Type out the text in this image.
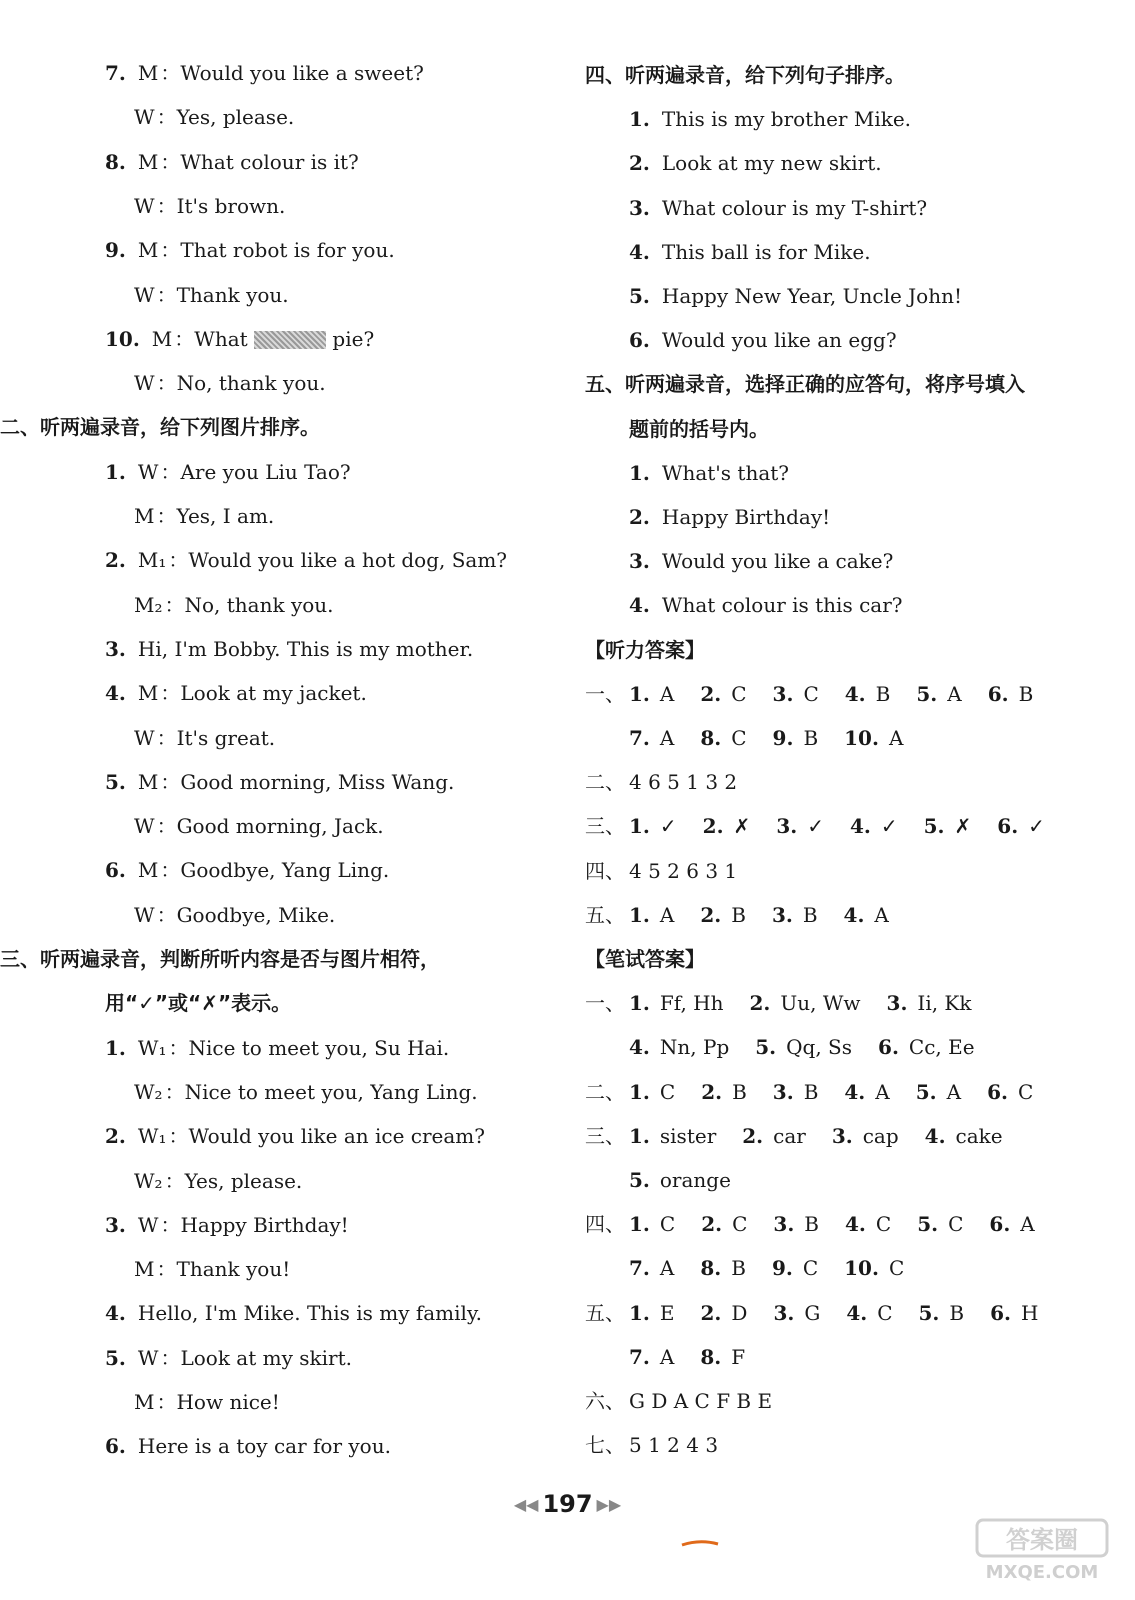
7. M ：Would you like a sweet?
W ：Yes, please.
8. M ：What colour is it?
W ：It's brown.
9. M ：That robot is for you.
W ：Thank you.
10. M ：What	pie?
W ：No, thank you.
二、听两遍录音，给下列图片排序。
1. W ：Are you Liu Tao?
M ：Yes, I am.
2. M₁ ：Would you like a hot dog, Sam?
M₂ ：No, thank you.
3. Hi, I'm Bobby. This is my mother.
4. M ：Look at my jacket.
W ：It's great.
5. M ：Good morning, Miss Wang.
W ：Good morning, Jack.
6. M ：Goodbye, Yang Ling.
W ：Goodbye, Mike.
三、听两遍录音，判断所听内容是否与图片相符，
用“✓”或“✗”表示。
1. W₁ ：Nice to meet you, Su Hai.
W₂ ：Nice to meet you, Yang Ling.
2. W₁ ：Would you like an ice cream?
W₂ ：Yes, please.
3. W ：Happy Birthday!
M ：Thank you!
4. Hello, I'm Mike. This is my family.
5. W ：Look at my skirt.
M ：How nice!
6. Here is a toy car for you.
四、听两遍录音，给下列句子排序。
1. This is my brother Mike.
2. Look at my new skirt.
3. What colour is my T-shirt?
4. This ball is for Mike.
5. Happy New Year, Uncle John!
6. Would you like an egg?
五、听两遍录音，选择正确的应答句，将序号填入
题前的括号内。
1. What's that?
2. Happy Birthday!
3. Would you like a cake?
4. What colour is this car?
【听力答案】
一、 1. A 2. C 3. C 4. B 5. A 6. B
7. A 8. C 9. B 10. A
二、 4 6 5 1 3 2
三、 1. ✓ 2. ✗ 3. ✓ 4. ✓ 5. ✗ 6. ✓
四、 4 5 2 6 3 1
五、 1. A 2. B 3. B 4. A
【笔试答案】
一、 1. Ff, Hh 2. Uu, Ww 3. Ii, Kk
4. Nn, Pp 5. Qq, Ss 6. Cc, Ee
二、 1. C 2. B 3. B 4. A 5. A 6. C
三、 1. sister 2. car 3. cap 4. cake
5. orange
四、 1. C 2. C 3. B 4. C 5. C 6. A
7. A 8. B 9. C 10. C
五、 1. E 2. D 3. G 4. C 5. B 6. H
7. A 8. F
六、 G D A C F B E
七、 5 1 2 4 3
◀◀ 197 ▶▶
答案圈
MXQE.COM
